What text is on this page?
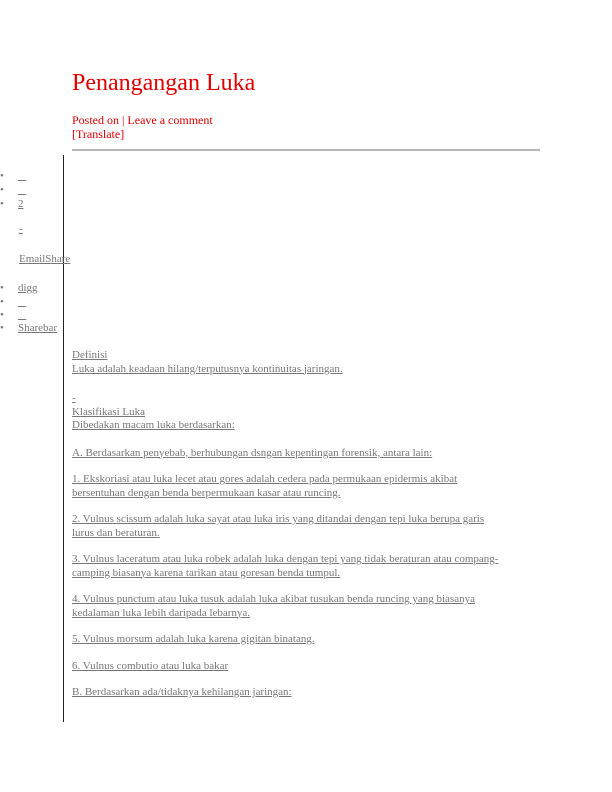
Penangangan Luka
Posted on | Leave a comment
[Translate]
•
•
• 2
-
EmailShare
• digg
•
•
• Sharebar

Definisi

Luka adalah keadaan hilang/terputusnya kontinuitas jaringan.

-

Klasifikasi Luka

Dibedakan macam luka berdasarkan:

A. Berdasarkan penyebab, berhubungan dsngan kepentingan forensik, antara lain:

1. Ekskoriasi atau luka lecet atau gores adalah cedera pada permukaan epidermis akibat

bersentuhan dengan benda berpermukaan kasar atau runcing.

2. Vulnus scissum adalah luka sayat atau luka iris yang ditandai dengan tepi luka berupa garis

lurus dan beraturan.

3. Vulnus laceratum atau luka robek adalah luka dengan tepi yang tidak beraturan atau compang-

camping biasanya karena tarikan atau goresan benda tumpul.

4. Vulnus punctum atau luka tusuk adalah luka akibat tusukan benda runcing yang biasanya

kedalaman luka lebih daripada lebarnya.

5. Vulnus morsum adalah luka karena gigitan binatang.

6. Vulnus combutio atau luka bakar

B. Berdasarkan ada/tidaknya kehilangan jaringan:
